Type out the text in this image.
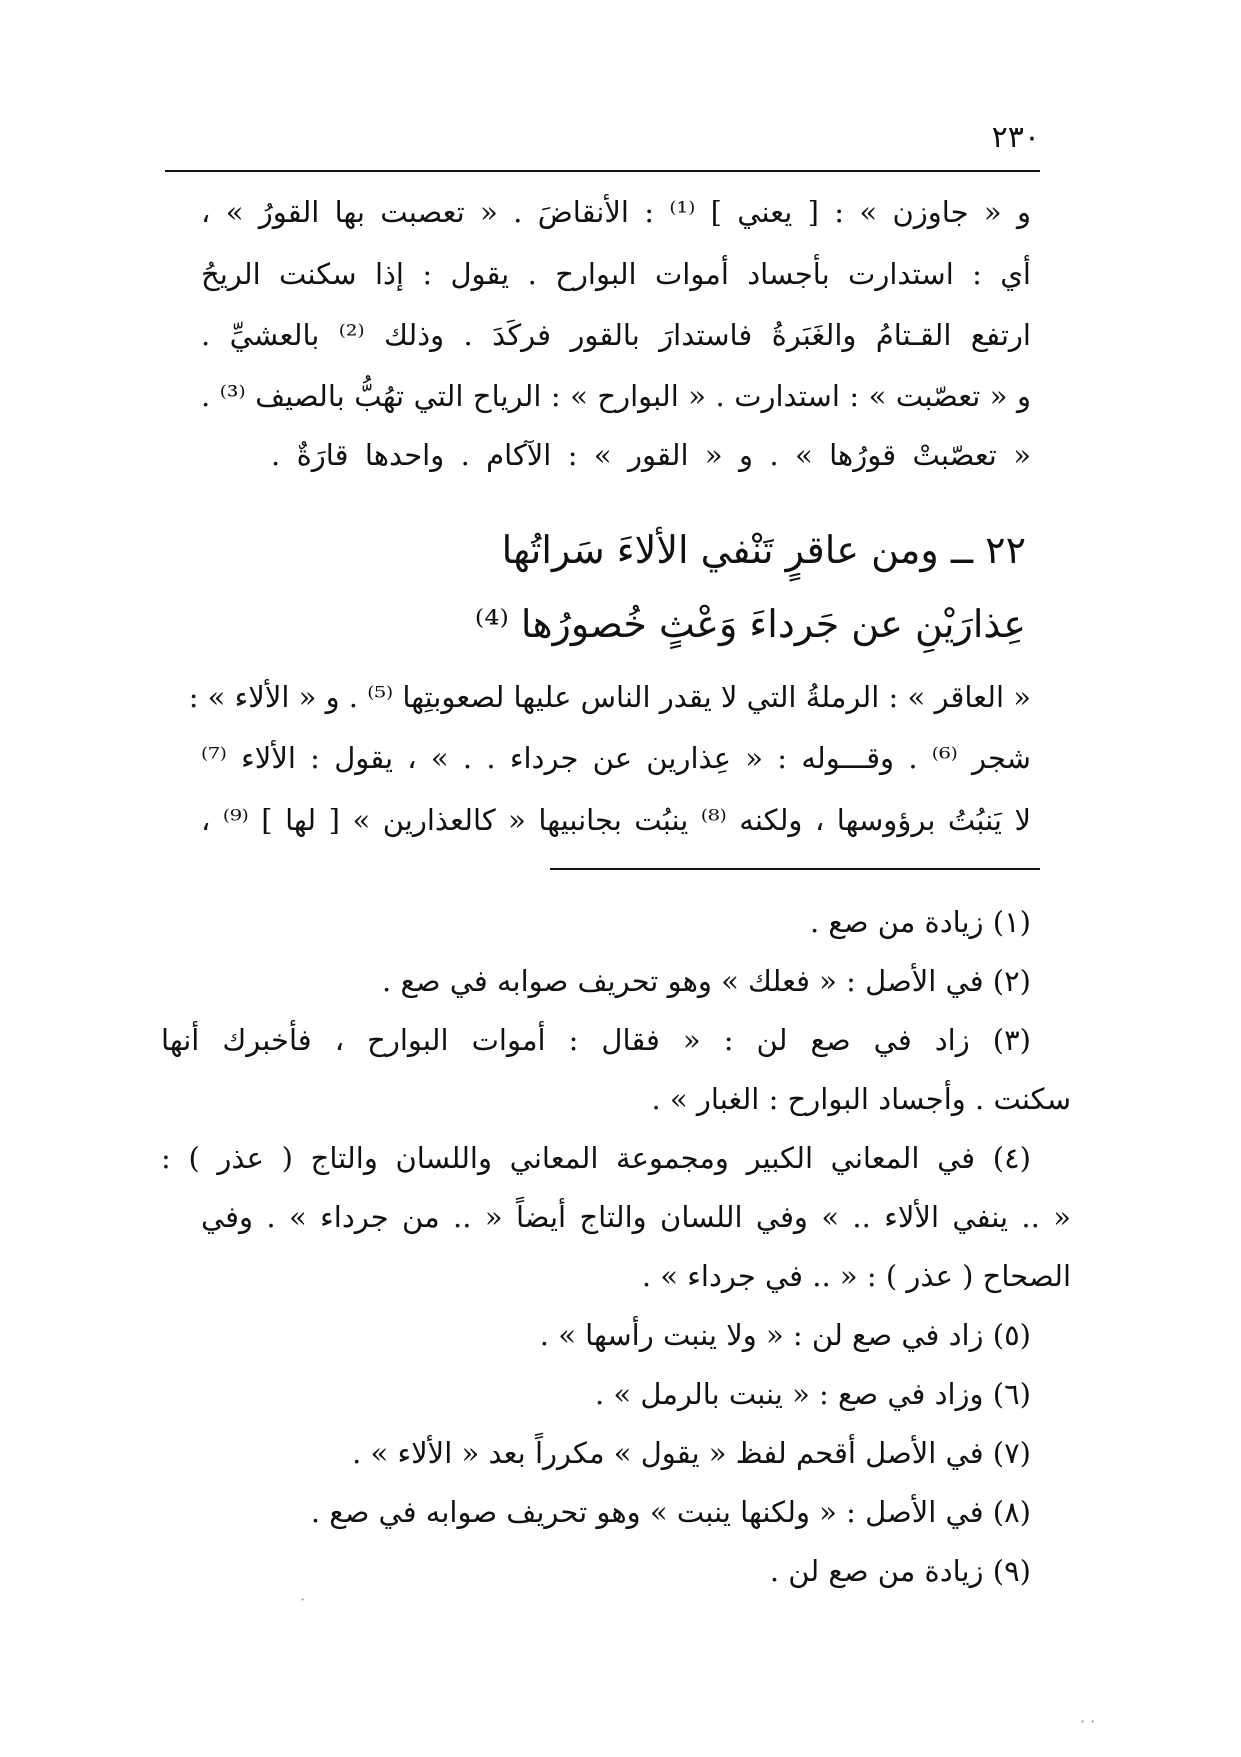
٢٣٠
و « جاوزن » : [ يعني ] ⁽¹⁾ : الأنقاضَ . « تعصبت بها القورُ » ،
أي : استدارت بأجساد أموات البوارح . يقول : إذا سكنت الريحُ
ارتفع القـتامُ والغَبَرةُ فاستدارَ بالقور فركَدَ . وذلك ⁽²⁾ بالعشيِّ .
و « تعصّبت » : استدارت . « البوارح » : الرياح التي تهُبُّ بالصيف ⁽³⁾ .
« تعصّبتْ قورُها » . و « القور » : الآكام . واحدها قارَةٌ .
٢٢ ــ ومن عاقرٍ تَنْفي الألاءَ سَراتُها
عِذارَيْنِ عن جَرداءَ وَعْثٍ خُصورُها ⁽⁴⁾
« العاقر » : الرملةُ التي لا يقدر الناس عليها لصعوبتِها ⁽⁵⁾ . و « الألاء » :
شجر ⁽⁶⁾ . وقـــوله : « عِذارين عن جرداء . . » ، يقول : الألاء ⁽⁷⁾
لا يَنبُتُ برؤوسها ، ولكنه ⁽⁸⁾ ينبُت بجانبيها « كالعذارين » [ لها ] ⁽⁹⁾ ،
(١) زيادة من صع .
(٢) في الأصل : « فعلك » وهو تحريف صوابه في صع .
(٣) زاد في صع لن : « فقال : أموات البوارح ، فأخبرك أنها
سكنت . وأجساد البوارح : الغبار » .
(٤) في المعاني الكبير ومجموعة المعاني واللسان والتاج ( عذر ) :
« .. ينفي الألاء .. » وفي اللسان والتاج أيضاً « .. من جرداء » . وفي
الصحاح ( عذر ) : « .. في جرداء » .
(٥) زاد في صع لن : « ولا ينبت رأسها » .
(٦) وزاد في صع : « ينبت بالرمل » .
(٧) في الأصل أقحم لفظ « يقول » مكرراً بعد « الألاء » .
(٨) في الأصل : « ولكنها ينبت » وهو تحريف صوابه في صع .
(٩) زيادة من صع لن .
·
· ·
